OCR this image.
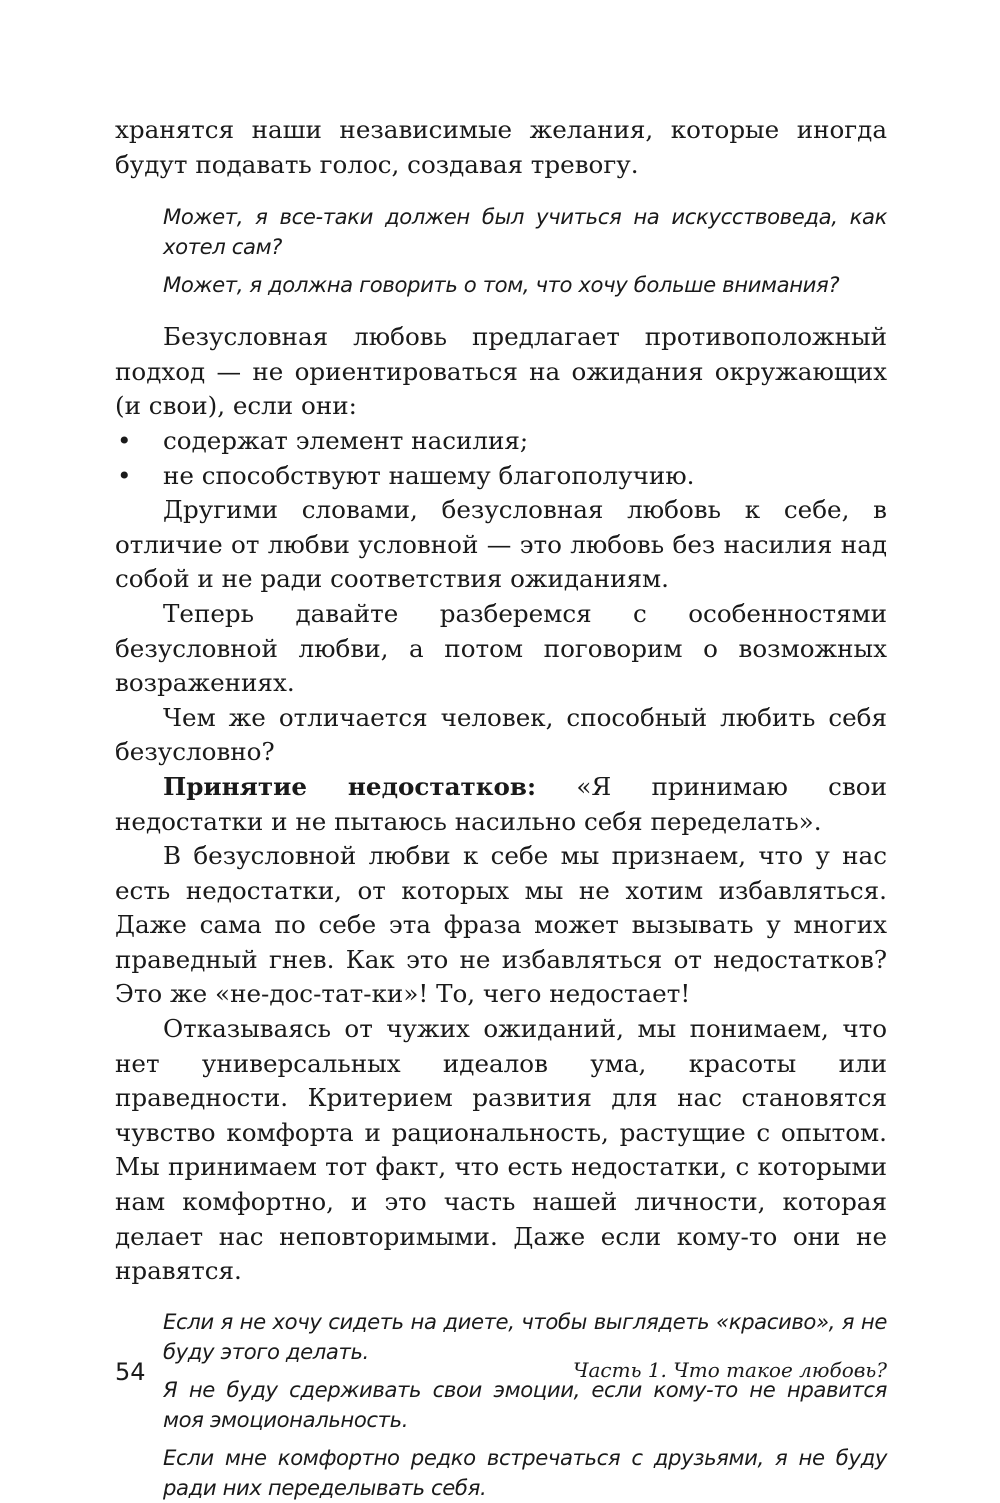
хранятся наши независимые желания, которые иногда будут подавать голос, создавая тревогу.

Может, я все-таки должен был учиться на искусствоведа, как хотел сам?

Может, я должна говорить о том, что хочу больше внимания?

Безусловная любовь предлагает противоположный подход — не ориентироваться на ожидания окружающих (и свои), если они:

• содержат элемент насилия;
• не способствуют нашему благополучию.

Другими словами, безусловная любовь к себе, в отличие от любви условной — это любовь без насилия над собой и не ради соответствия ожиданиям.

Теперь давайте разберемся с особенностями безусловной любви, а потом поговорим о возможных возражениях.

Чем же отличается человек, способный любить себя безусловно?

Принятие недостатков: «Я принимаю свои недостатки и не пытаюсь насильно себя переделать».

В безусловной любви к себе мы признаем, что у нас есть недостатки, от которых мы не хотим избавляться. Даже сама по себе эта фраза может вызывать у многих праведный гнев. Как это не избавляться от недостатков? Это же «не-дос-тат-ки»! То, чего недостает!

Отказываясь от чужих ожиданий, мы понимаем, что нет универсальных идеалов ума, красоты или праведности. Критерием развития для нас становятся чувство комфорта и рациональность, растущие с опытом. Мы принимаем тот факт, что есть недостатки, с которыми нам комфортно, и это часть нашей личности, которая делает нас неповторимыми. Даже если кому-то они не нравятся.

Если я не хочу сидеть на диете, чтобы выглядеть «красиво», я не буду этого делать.

Я не буду сдерживать свои эмоции, если кому-то не нравится моя эмоциональность.

Если мне комфортно редко встречаться с друзьями, я не буду ради них переделывать себя.

54	Часть 1. Что такое любовь?
